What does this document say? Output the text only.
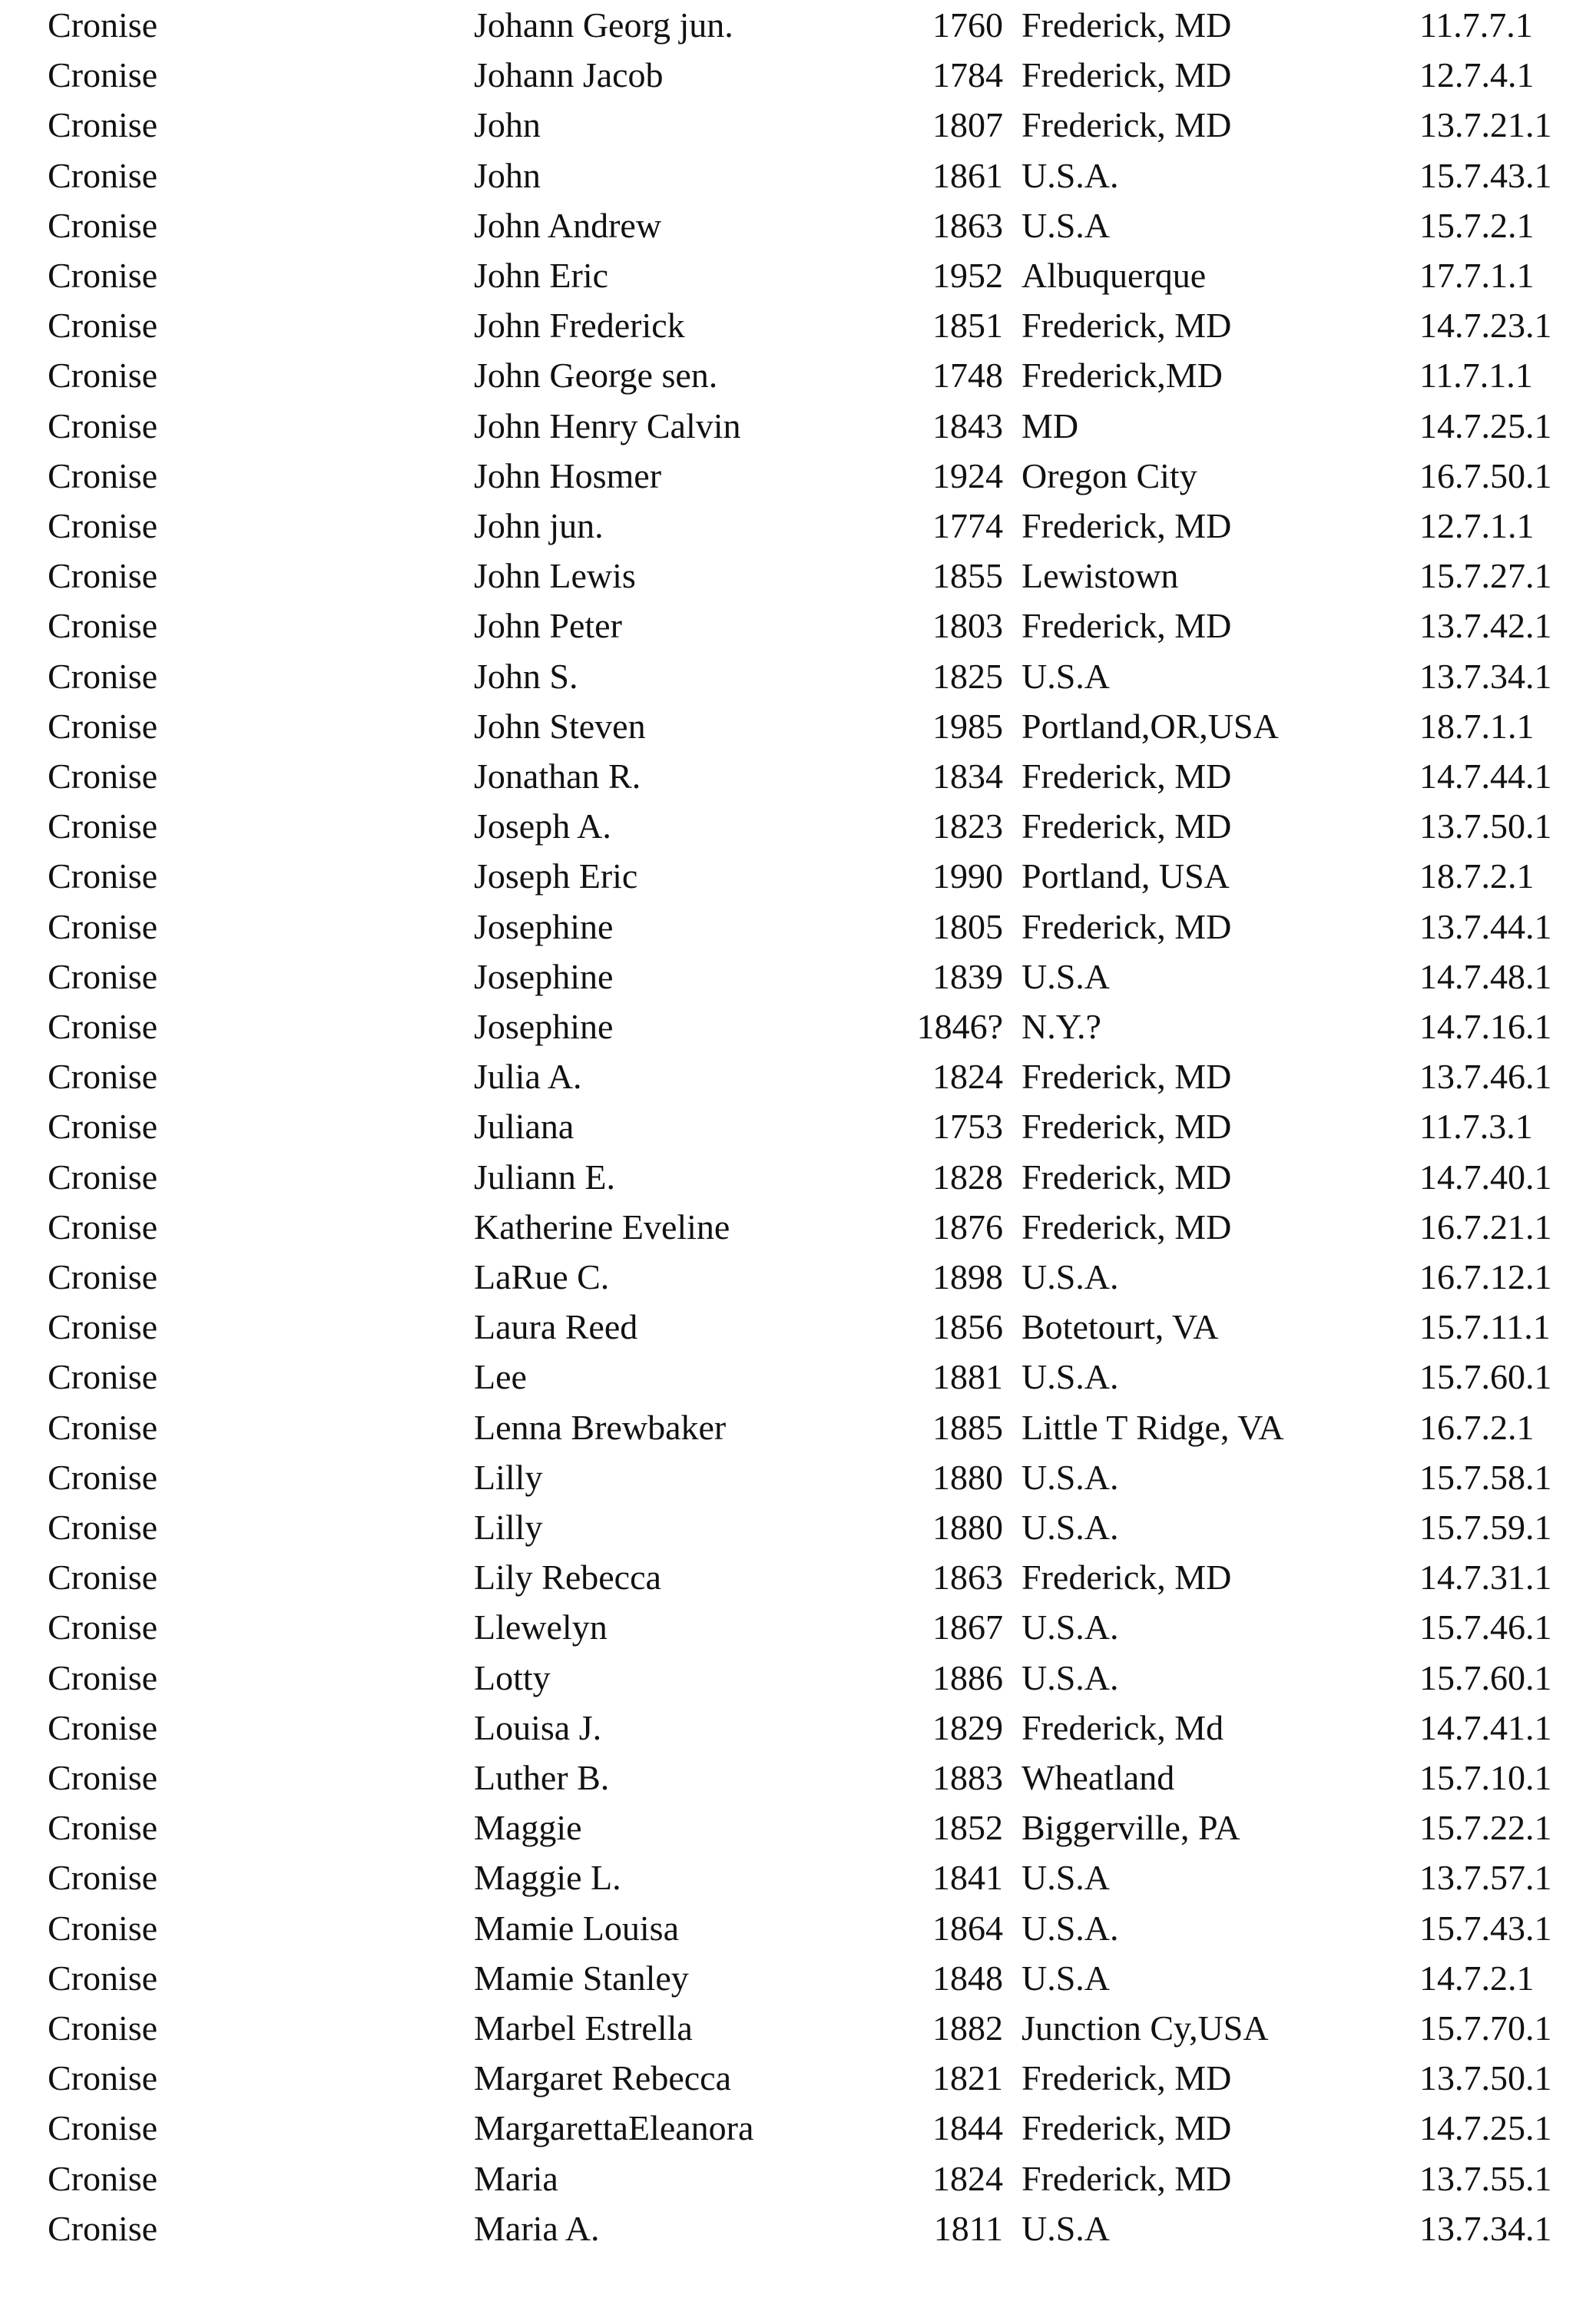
Cronise	Johann Georg jun.	1760 Frederick, MD	11.7.7.1
Cronise	Johann Jacob	1784 Frederick, MD	12.7.4.1
Cronise	John	1807 Frederick, MD	13.7.21.1
Cronise	John	1861 U.S.A.	15.7.43.1
Cronise	John Andrew	1863 U.S.A	15.7.2.1
Cronise	John Eric	1952 Albuquerque	17.7.1.1
Cronise	John Frederick	1851 Frederick, MD	14.7.23.1
Cronise	John George sen.	1748 Frederick,MD	11.7.1.1
Cronise	John Henry Calvin	1843 MD	14.7.25.1
Cronise	John Hosmer	1924 Oregon City	16.7.50.1
Cronise	John jun.	1774 Frederick, MD	12.7.1.1
Cronise	John Lewis	1855 Lewistown	15.7.27.1
Cronise	John Peter	1803 Frederick, MD	13.7.42.1
Cronise	John S.	1825 U.S.A	13.7.34.1
Cronise	John Steven	1985 Portland,OR,USA	18.7.1.1
Cronise	Jonathan R.	1834 Frederick, MD	14.7.44.1
Cronise	Joseph A.	1823 Frederick, MD	13.7.50.1
Cronise	Joseph Eric	1990 Portland, USA	18.7.2.1
Cronise	Josephine	1805 Frederick, MD	13.7.44.1
Cronise	Josephine	1839 U.S.A	14.7.48.1
Cronise	Josephine	1846? N.Y.?	14.7.16.1
Cronise	Julia A.	1824 Frederick, MD	13.7.46.1
Cronise	Juliana	1753 Frederick, MD	11.7.3.1
Cronise	Juliann E.	1828 Frederick, MD	14.7.40.1
Cronise	Katherine Eveline	1876 Frederick, MD	16.7.21.1
Cronise	LaRue C.	1898 U.S.A.	16.7.12.1
Cronise	Laura Reed	1856 Botetourt, VA	15.7.11.1
Cronise	Lee	1881 U.S.A.	15.7.60.1
Cronise	Lenna Brewbaker	1885 Little T Ridge, VA	16.7.2.1
Cronise	Lilly	1880 U.S.A.	15.7.58.1
Cronise	Lilly	1880 U.S.A.	15.7.59.1
Cronise	Lily Rebecca	1863 Frederick, MD	14.7.31.1
Cronise	Llewelyn	1867 U.S.A.	15.7.46.1
Cronise	Lotty	1886 U.S.A.	15.7.60.1
Cronise	Louisa J.	1829 Frederick, Md	14.7.41.1
Cronise	Luther B.	1883 Wheatland	15.7.10.1
Cronise	Maggie	1852 Biggerville, PA	15.7.22.1
Cronise	Maggie L.	1841 U.S.A	13.7.57.1
Cronise	Mamie Louisa	1864 U.S.A.	15.7.43.1
Cronise	Mamie Stanley	1848 U.S.A	14.7.2.1
Cronise	Marbel Estrella	1882 Junction Cy,USA	15.7.70.1
Cronise	Margaret Rebecca	1821 Frederick, MD	13.7.50.1
Cronise	MargarettaEleanora	1844 Frederick, MD	14.7.25.1
Cronise	Maria	1824 Frederick, MD	13.7.55.1
Cronise	Maria A.	1811 U.S.A	13.7.34.1
